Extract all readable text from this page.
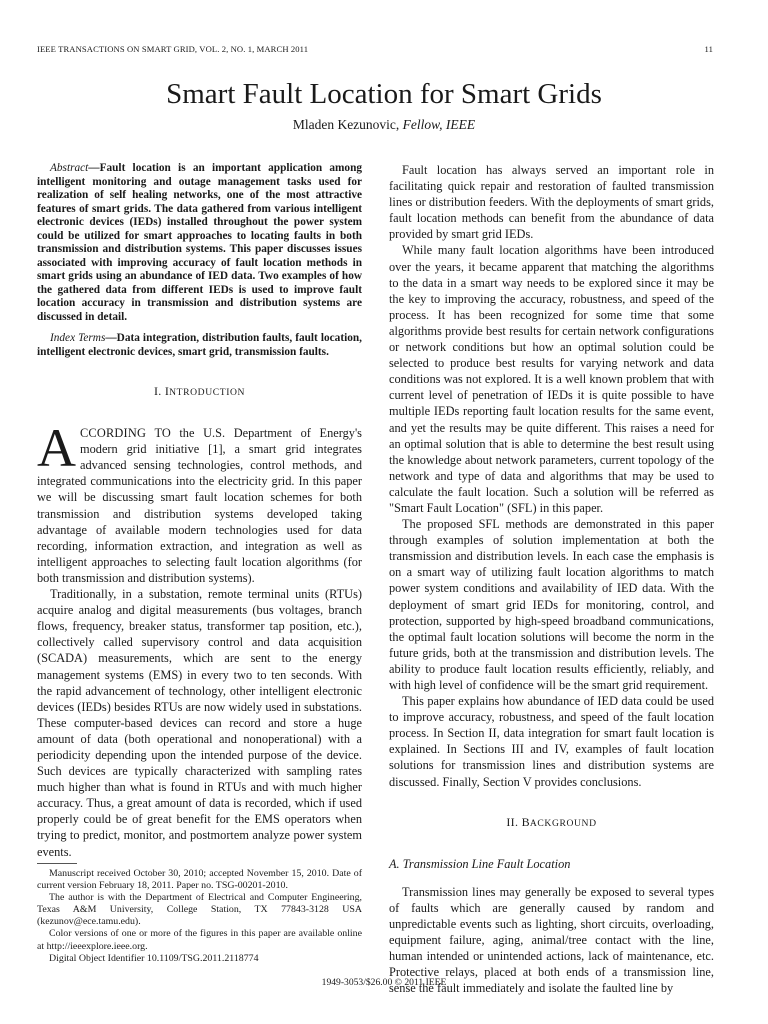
IEEE TRANSACTIONS ON SMART GRID, VOL. 2, NO. 1, MARCH 2011	11
Smart Fault Location for Smart Grids
Mladen Kezunovic, Fellow, IEEE

Abstract—Fault location is an important application among intelligent monitoring and outage management tasks used for realization of self healing networks, one of the most attractive features of smart grids. The data gathered from various intelligent electronic devices (IEDs) installed throughout the power system could be utilized for smart approaches to locating faults in both transmission and distribution systems. This paper discusses issues associated with improving accuracy of fault location methods in smart grids using an abundance of IED data. Two examples of how the gathered data from different IEDs is used to improve fault location accuracy in transmission and distribution systems are discussed in detail.

Index Terms—Data integration, distribution faults, fault location, intelligent electronic devices, smart grid, transmission faults.

I. INTRODUCTION

ACCORDING TO the U.S. Department of Energy's modern grid initiative [1], a smart grid integrates advanced sensing technologies, control methods, and integrated communications into the electricity grid. In this paper we will be discussing smart fault location schemes for both transmission and distribution systems developed taking advantage of available modern technologies used for data recording, information extraction, and integration as well as intelligent approaches to selecting fault location algorithms (for both transmission and distribution systems).

Traditionally, in a substation, remote terminal units (RTUs) acquire analog and digital measurements (bus voltages, branch flows, frequency, breaker status, transformer tap position, etc.), collectively called supervisory control and data acquisition (SCADA) measurements, which are sent to the energy management systems (EMS) in every two to ten seconds. With the rapid advancement of technology, other intelligent electronic devices (IEDs) besides RTUs are now widely used in substations. These computer-based devices can record and store a huge amount of data (both operational and nonoperational) with a periodicity depending upon the intended purpose of the device. Such devices are typically characterized with sampling rates much higher than what is found in RTUs and with much higher accuracy. Thus, a great amount of data is recorded, which if used properly could be of great benefit for the EMS operators when trying to predict, monitor, and postmortem analyze power system events.

Fault location has always served an important role in facilitating quick repair and restoration of faulted transmission lines or distribution feeders. With the deployments of smart grids, fault location methods can benefit from the abundance of data provided by smart grid IEDs.

While many fault location algorithms have been introduced over the years, it became apparent that matching the algorithms to the data in a smart way needs to be explored since it may be the key to improving the accuracy, robustness, and speed of the process. It has been recognized for some time that some algorithms provide best results for certain network configurations or network conditions but how an optimal solution could be selected to produce best results for varying network and data conditions was not explored. It is a well known problem that with current level of penetration of IEDs it is quite possible to have multiple IEDs reporting fault location results for the same event, and yet the results may be quite different. This raises a need for an optimal solution that is able to determine the best result using the knowledge about network parameters, current topology of the network and type of data and algorithms that may be used to calculate the fault location. Such a solution will be referred as "Smart Fault Location" (SFL) in this paper.

The proposed SFL methods are demonstrated in this paper through examples of solution implementation at both the transmission and distribution levels. In each case the emphasis is on a smart way of utilizing fault location algorithms to match power system conditions and availability of IED data. With the deployment of smart grid IEDs for monitoring, control, and protection, supported by high-speed broadband communications, the optimal fault location solutions will become the norm in the future grids, both at the transmission and distribution levels. The ability to produce fault location results efficiently, reliably, and with high level of confidence will be the smart grid requirement.

This paper explains how abundance of IED data could be used to improve accuracy, robustness, and speed of the fault location process. In Section II, data integration for smart fault location is explained. In Sections III and IV, examples of fault location solutions for transmission lines and distribution systems are discussed. Finally, Section V provides conclusions.

II. BACKGROUND
A. Transmission Line Fault Location

Transmission lines may generally be exposed to several types of faults which are generally caused by random and unpredictable events such as lighting, short circuits, overloading, equipment failure, aging, animal/tree contact with the line, human intended or unintended actions, lack of maintenance, etc. Protective relays, placed at both ends of a transmission line, sense the fault immediately and isolate the faulted line by

Manuscript received October 30, 2010; accepted November 15, 2010. Date of current version February 18, 2011. Paper no. TSG-00201-2010.

The author is with the Department of Electrical and Computer Engineering, Texas A&M University, College Station, TX 77843-3128 USA (kezunov@ece.tamu.edu).

Color versions of one or more of the figures in this paper are available online at http://ieeexplore.ieee.org.

Digital Object Identifier 10.1109/TSG.2011.2118774

1949-3053/$26.00 © 2011 IEEE
